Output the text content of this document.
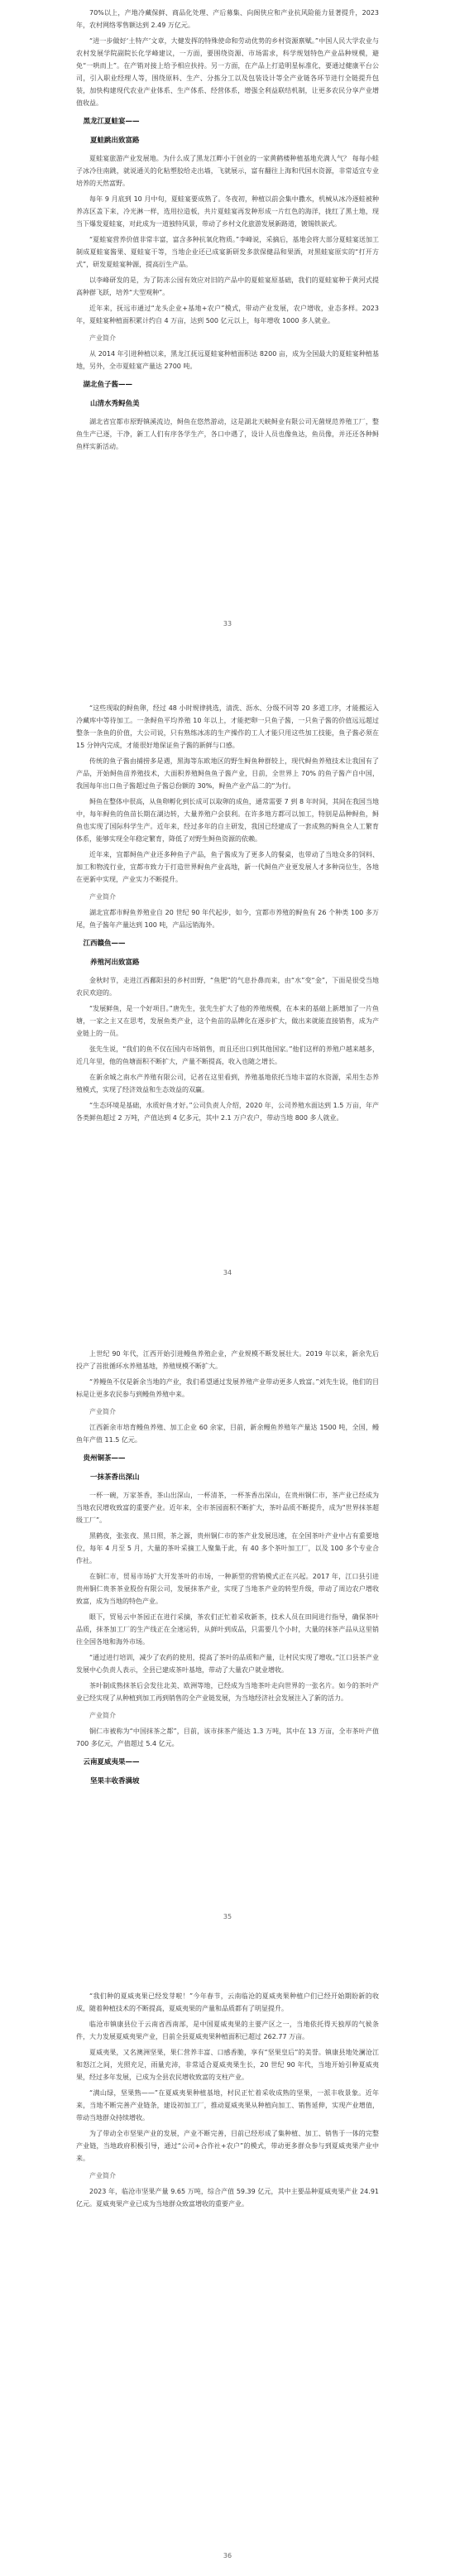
70%以上，产地冷藏保鲜、商品化处理、产后募集、向阁侠应和产业抗风险能力显著提升，2023 年，农村网络零售额达到 2.49 万亿元。

“进一步做好‘土特产’文章，大健发挥的特殊使命和劳动优势的乡村资源禀赋。”中国人民大学农业与农村发展学院副院长化学峰建议，一方面，要围绕资源、市场需求，科学规划特色产业品种规模，避免“一哄而上”。在产销对接上给予相应扶持。另一方面，在产品上打造明星标准化，要通过健康平台公司，引入职业经理人等，围绕原料、生产、分拣分工以及包装设计等全产业链各环节进行全链提升包装，加快构建现代农业产业体系、生产体系、经营体系，增强全利益联结机制，让更多农民分享产业增值收益。

黑龙江夏蛙宴——
夏蛙跳出致富路

夏蛙宴旅游产业发展地。为什么成了黑龙江畔小于创业的一家黄鹤楼种植基地充满人气？ 每每小蛙子冰冷往南跳，就说通关的化粘塑胶给走出墙，飞就展示，富有翻往上海和代国水资源，非常适宜专业培养的天然富野。

每年 9 月底到 10 月中旬，夏蛙宴要成熟了。冬夜初，种植以前会集中撒水，机械从冰冷逐蛙被种养冻区盖下来，冷光淋一样，选用拉造板，共片夏蛙宴再发种形成一片红色的海洋，拢红了黑土地，现当下爆发夏蛙宴，对此成为一道独特风景，带动了乡村文化旅游发展新路道，镀锡铁嵌式。

“夏蛙宴营养价值非常丰富，富含多种抗氧化物质。”李峰说，采摘后，基地会将大部分夏蛙宴送加工制成夏蛙宴酱果、夏蛙宴干等，当地企业还已成宴新研发多款保健品和果酒，对黑蛙宴原实的“打开方式”，研发夏蛙宴种源，提高衍生产品。

以李峰研发的是，为了防冻公园有效应对旧的产品中的夏蛙宴原基础，我们的夏蛙宴种于黄河式提高种群飞跃，培养“大型观种”。

近年来，抚远市通过“龙头企业+基地+农户”模式，带动产业发展，农户增收，业态多样。2023 年，夏蛙宴种植面积累计约自 4 万亩，达到 500 亿元以上，每年增收 1000 多人就业。

产业简介

从 2014 年引进种植以来，黑龙江抚远夏蛙宴种植面积达 8200 亩，成为全国最大的夏蛙宴种植基地，另外，全市夏蛙宴产量达 2700 吨。

湖北鱼子酱——
山清水秀鲟鱼美

湖北省宜都市原野镇溪流边，鲟鱼在悠然游动，这是湖北天峡鲟业有限公司无菌规范养殖工厂，整鱼生产已逐，干净，新工人们有序各学生产，各口中遇了，设计人员也像鱼达，鱼员像，并还还各种鲟鱼样实新活动。

33

“这些现取的鲟鱼卵，经过 48 小时规律挑选，清洗、沥水、分级不同等 20 多道工序，才能搬运入冷藏库中等待加工。一条鲟鱼平均养殖 10 年以上，才能把卵一只鱼子酱，一只鱼子酱的价值远远超过整条一条鱼的价值，大公司说，只有熟练冰冻的生产操作的工人才能只用这些加工技能，鱼子酱必须在 15 分钟内完成，才能很好地保证鱼子酱的新鲜与口感。

传统的鱼子酱由捕捞多是遇，黑海等东欧地区的野生鲟鱼种群较上，现代鲟鱼养殖技术让我国有了产品，开始鲟鱼苗养殖技术，大面积养殖鲟鱼鱼子酱产业，目前，全世界上 70% 的鱼子酱产自中国，我国每年出口鱼子酱超过鱼子酱总份额的 30%，鲟鱼产业产品二的“为行。

鲟鱼在整体中很高，从鱼卵孵化到长成可以取卵的成鱼，通常需要 7 到 8 年时间，其间在我国当地中，每年鲟鱼的鱼苗长期在湖边转，大量养殖户会获利。在许多地方都可以加工，特别是品种鲟鱼，鲟鱼也实现了国际科学生产。近年来，经过多年的自主研发，我国已经建成了一套成熟的鲟鱼全人工繁育体系，能够实现全年稳定繁育，降低了对野生鲟鱼资源的依赖。

近年来，宜都鲟鱼产业还多种鱼子产品，鱼子酱成为了更多人的餐桌，也带动了当地众多的饲料、加工和物流行业，宜都市致力于打造世界鲟鱼产业高地，新一代鲟鱼产业更发展人才多种岗位生，各地在更新中实现，产业实力不断提升。

产业简介

湖北宜都市鲟鱼养殖业自 20 世纪 90 年代起步，如今，宜都市养殖的鲟鱼有 26 个种类 100 多万尾，鱼子酱年产量达到 100 吨，产品远销海外。

江西赣鱼——
养殖河出致富路

金秋时节，走进江西鄱阳县的乡村田野，“鱼肥”的气息扑鼻而来，由“水”变“金”，下面是很受当地农民欢迎的。

“发展鲜鱼，是一个好项目。”唐先生，张先生扩大了他的养殖规模，在本来的基础上新增加了一片鱼塘，一家之主又在思考，发展鱼类产业，这个鱼苗的品牌化在逐步扩大，做出来就能直接销售，成为产业链上的一员。

张先生说，“我们的鱼不仅在国内市场销售，而且还出口到其他国家。”他们这样的养殖户越来越多，近几年里，他的鱼塘面积不断扩大，产量不断提高，收入也随之增长。

在新余城之南水产养殖有限公司，记者在这里看到，养殖基地依托当地丰富的水资源，采用生态养殖模式，实现了经济效益和生态效益的双赢。

“生态环境是基础，水质好鱼才好。”公司负责人介绍，2020 年，公司养殖水面达到 1.5 万亩，年产各类鲜鱼超过 2 万吨，产值达到 4 亿多元，其中 2.1 万户农户，带动当地 800 多人就业。

34

上世纪 90 年代，江西开始引进鳗鱼养殖企业，产业规模不断发展壮大。2019 年以来，新余先后投产了首批循环水养殖基地，养殖规模不断扩大。

“养鳗鱼不仅是新余当地的产业，我们希望通过发展养殖产业带动更多人致富。”刘先生说，他们的目标是让更多农民参与到鳗鱼养殖中来。

产业简介

江西新余市培育鳗鱼养殖、加工企业 60 余家，目前，新余鳗鱼养殖年产量达 1500 吨，全国，鳗鱼年产值 11.5 亿元。

贵州铜茶——
一抹茶香出深山

一杯一碗，万家茶香，茶山出深山，一杯清茶，一杯茶香出深山，在贵州铜仁市，茶产业已经成为当地农民增收致富的重要产业。近年来，全市茶园面积不断扩大，茶叶品质不断提升，成为“世界抹茶超级工厂”。

黑鹤夜，张张夜、黑日照，茶之源，贵州铜仁市的茶产业发展迅速，在全国茶叶产业中占有重要地位，每年 4 月至 5 月，大量的茶叶采摘工人聚集于此，有 40 多个茶叶加工厂，以及 100 多个专业合作社。

在铜仁市，贸易市场扩大开发茶叶的市场，一种新型的营销模式正在兴起。2017 年，江口县引进贵州铜仁贵茶茶业股份有限公司，发展抹茶产业，实现了当地茶产业的转型升级，带动了周边农户增收致富，成为当地的特色产业。

眼下，贸易云中茶园正在进行采摘，茶农们正忙着采收新茶，技术人员在田间进行指导，确保茶叶品质，抹茶加工厂的生产线正在全速运转，从鲜叶到成品，只需要几个小时，大量的抹茶产品从这里销往全国各地和海外市场。

“通过进行培训，减少了农药的使用，提高了茶叶的品质和产量，让村民实现了增收。”江口县茶产业发展中心负责人表示，全县已建成茶叶基地，带动了大量农户就业增收。

茶叶制成熟抹茶后会发往北美、欧洲等地，已经成为当地茶叶走向世界的一张名片。如今的茶叶产业已经实现了从种植到加工再到销售的全产业链发展，为当地经济社会发展注入了新的活力。

产业简介

铜仁市被称为“中国抹茶之都”，目前，该市抹茶产能达 1.3 万吨，其中在 13 万亩，全市茶叶产值 700 多亿元，产值超过 5.4 亿元。

云南夏威夷果——
坚果丰收香满坡
35

“我们种的夏威夷果已经发芽啦！”今年春节，云南临沧的夏威夷果种植户们已经开始期盼新的收成，随着种植技术的不断提高，夏威夷果的产量和品质都有了明显提升。

临沧市镇康县位于云南省西南部，是中国夏威夷果的主要产区之一，当地依托得天独厚的气候条件，大力发展夏威夷果产业，目前全县夏威夷果种植面积已超过 262.77 万亩。

夏威夷果，又名澳洲坚果，果仁营养丰富、口感香脆，享有“坚果皇后”的美誉。镇康县地处澜沧江和怒江之间，光照充足，雨量充沛，非常适合夏威夷果生长，20 世纪 90 年代，当地开始引种夏威夷果，经过多年发展，已成为全县农民增收致富的支柱产业。

“满山绿，坚果熟——”在夏威夷果种植基地，村民正忙着采收成熟的坚果，一派丰收景象。近年来，当地不断完善产业链条，建设初加工厂，推动夏威夷果从种植向加工、销售延伸，实现产业增值，带动当地群众持续增收。

为了带动全市坚果产业的发展，产业不断完善，目前已经形成了集种植、加工、销售于一体的完整产业链，当地政府积极引导，通过“公司+合作社+农户”的模式，带动更多群众参与到夏威夷果产业中来。

产业简介

2023 年，临沧市坚果产量 9.65 万吨，综合产值 59.39 亿元，其中主要品种夏威夷果产业 24.91 亿元。夏威夷果产业已成为当地群众致富增收的重要产业。

36
